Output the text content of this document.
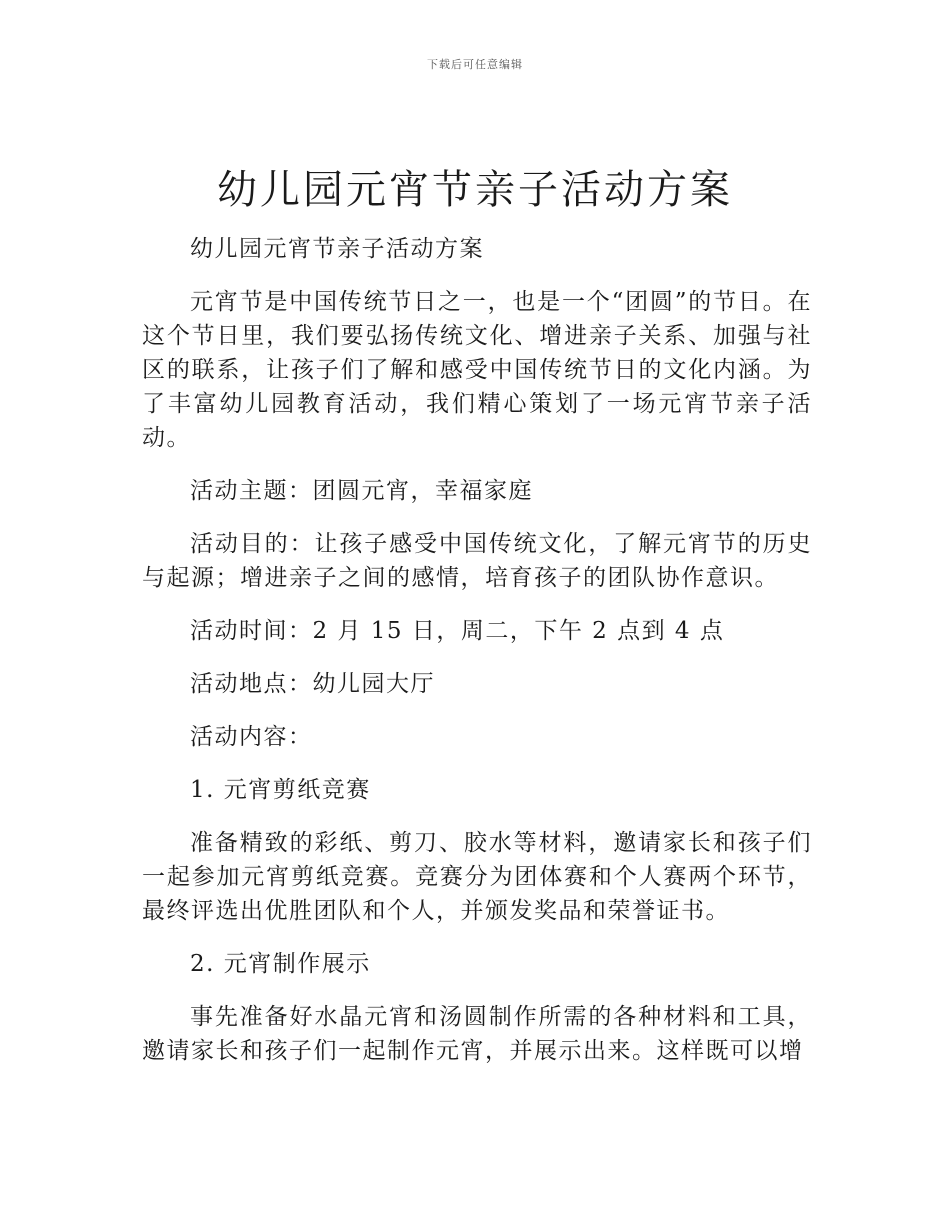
下载后可任意编辑
幼儿园元宵节亲子活动方案

幼儿园元宵节亲子活动方案

元宵节是中国传统节日之一，也是一个“团圆”的节日。在这个节日里，我们要弘扬传统文化、增进亲子关系、加强与社区的联系，让孩子们了解和感受中国传统节日的文化内涵。为了丰富幼儿园教育活动，我们精心策划了一场元宵节亲子活动。

活动主题：团圆元宵，幸福家庭

活动目的：让孩子感受中国传统文化，了解元宵节的历史与起源；增进亲子之间的感情，培育孩子的团队协作意识。

活动时间：2 月 15 日，周二，下午 2 点到 4 点

活动地点：幼儿园大厅

活动内容：

1. 元宵剪纸竞赛

准备精致的彩纸、剪刀、胶水等材料，邀请家长和孩子们一起参加元宵剪纸竞赛。竞赛分为团体赛和个人赛两个环节，最终评选出优胜团队和个人，并颁发奖品和荣誉证书。

2. 元宵制作展示

事先准备好水晶元宵和汤圆制作所需的各种材料和工具，邀请家长和孩子们一起制作元宵，并展示出来。这样既可以增
